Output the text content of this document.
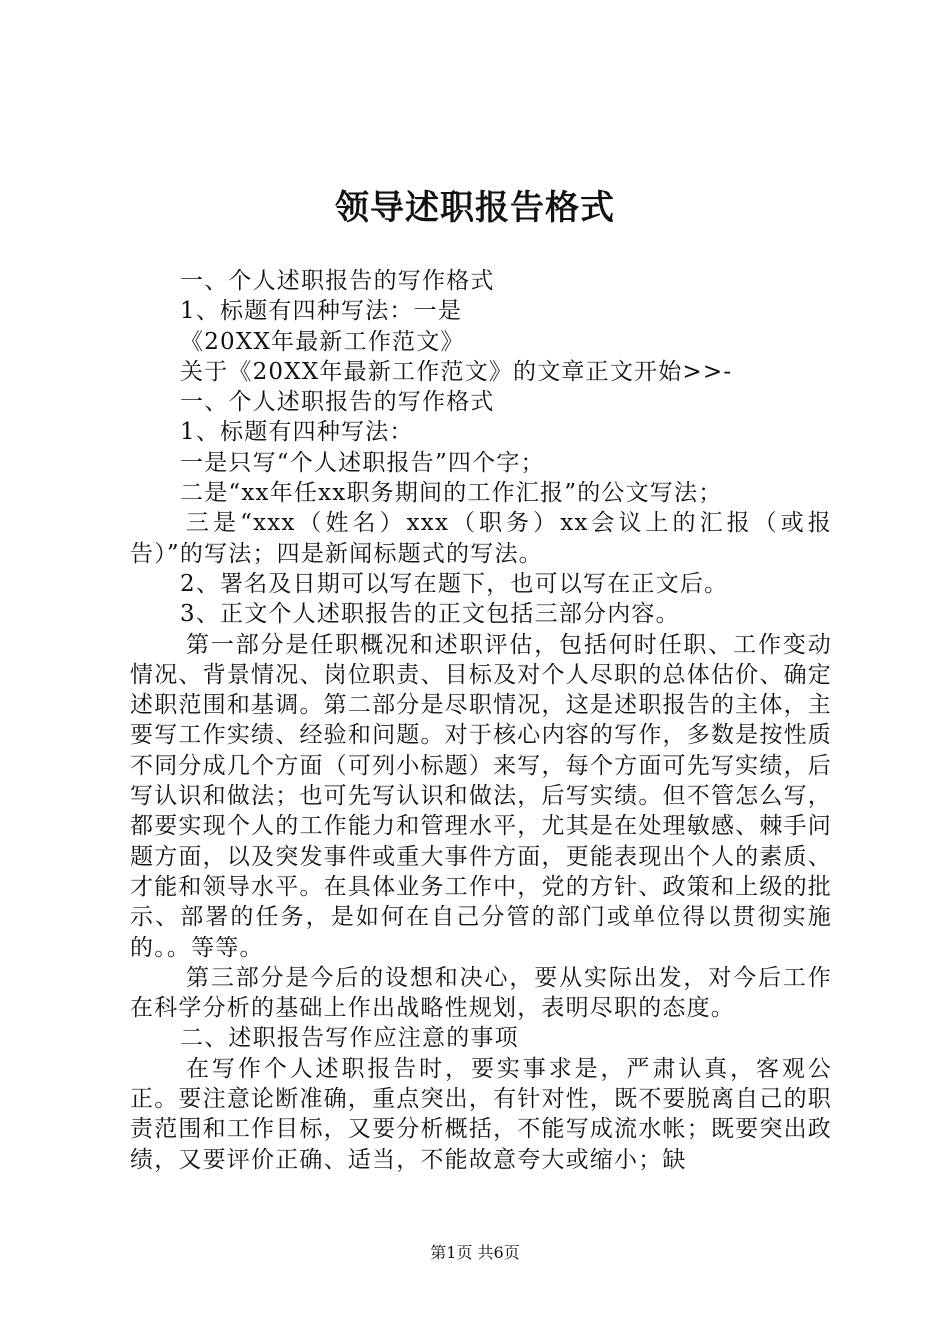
领导述职报告格式

一、个人述职报告的写作格式

1、标题有四种写法：一是

《20XX年最新工作范文》

关于《20XX年最新工作范文》的文章正文开始>>-

一、个人述职报告的写作格式

1、标题有四种写法：

一是只写“个人述职报告”四个字；

二是“xx年任xx职务期间的工作汇报”的公文写法；

三是“xxx（姓名）xxx（职务）xx会议上的汇报（或报告）”的写法；四是新闻标题式的写法。

2、署名及日期可以写在题下，也可以写在正文后。

3、正文个人述职报告的正文包括三部分内容。

第一部分是任职概况和述职评估，包括何时任职、工作变动情况、背景情况、岗位职责、目标及对个人尽职的总体估价、确定述职范围和基调。第二部分是尽职情况，这是述职报告的主体，主要写工作实绩、经验和问题。对于核心内容的写作，多数是按性质不同分成几个方面（可列小标题）来写，每个方面可先写实绩，后写认识和做法；也可先写认识和做法，后写实绩。但不管怎么写，都要实现个人的工作能力和管理水平，尤其是在处理敏感、棘手问题方面，以及突发事件或重大事件方面，更能表现出个人的素质、才能和领导水平。在具体业务工作中，党的方针、政策和上级的批示、部署的任务，是如何在自己分管的部门或单位得以贯彻实施的。。等等。

第三部分是今后的设想和决心，要从实际出发，对今后工作在科学分析的基础上作出战略性规划，表明尽职的态度。

二、述职报告写作应注意的事项

在写作个人述职报告时，要实事求是，严肃认真，客观公正。要注意论断准确，重点突出，有针对性，既不要脱离自己的职责范围和工作目标，又要分析概括，不能写成流水帐；既要突出政绩，又要评价正确、适当，不能故意夸大或缩小；缺

第1页 共6页
